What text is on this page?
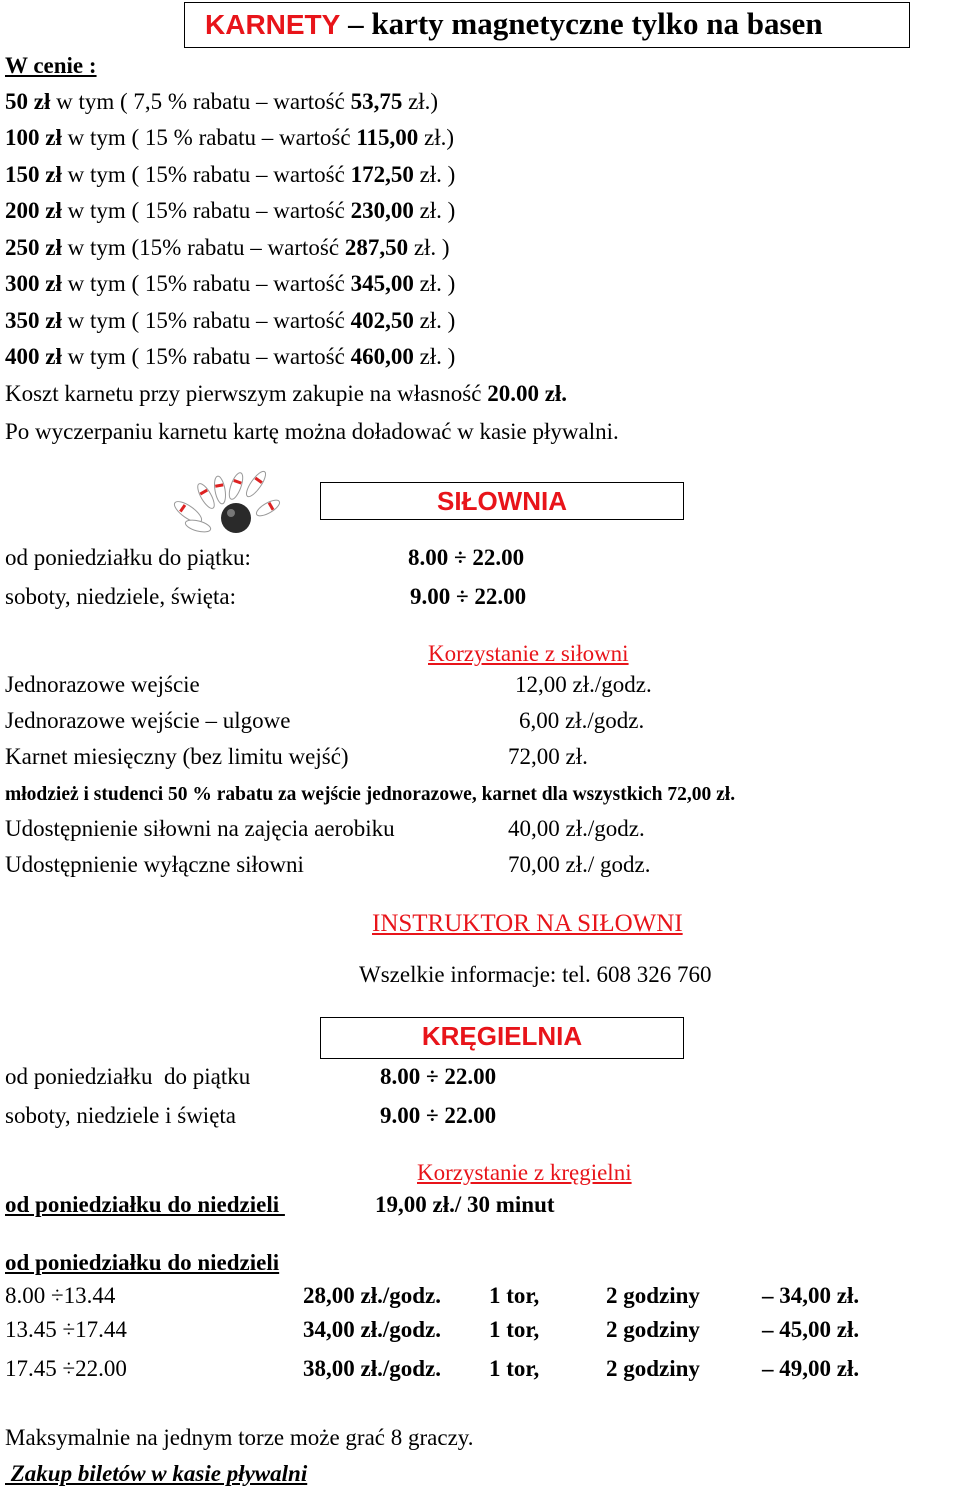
KARNETY – karty magnetyczne tylko na basen
W cenie :
50 zł w tym ( 7,5 % rabatu – wartość 53,75 zł.)
100 zł w tym ( 15 % rabatu – wartość 115,00 zł.)
150 zł w tym ( 15% rabatu – wartość 172,50 zł. )
200 zł w tym ( 15% rabatu – wartość 230,00 zł. )
250 zł w tym (15% rabatu – wartość 287,50 zł. )
300 zł w tym ( 15% rabatu – wartość 345,00 zł. )
350 zł w tym ( 15% rabatu – wartość 402,50 zł. )
400 zł w tym ( 15% rabatu – wartość 460,00 zł. )
Koszt karnetu przy pierwszym zakupie na własność 20.00 zł.
Po wyczerpaniu karnetu kartę można doładować w kasie pływalni.
SIŁOWNIA
od poniedziałku do piątku:	8.00 ÷ 22.00
soboty, niedziele, święta:	9.00 ÷ 22.00
Korzystanie z siłowni
Jednorazowe wejście	12,00 zł./godz.
Jednorazowe wejście – ulgowe	6,00 zł./godz.
Karnet miesięczny (bez limitu wejść)	72,00 zł.
młodzież i studenci 50 % rabatu za wejście jednorazowe, karnet dla wszystkich 72,00 zł.
Udostępnienie siłowni na zajęcia aerobiku	40,00 zł./godz.
Udostępnienie wyłączne siłowni	70,00 zł./ godz.
INSTRUKTOR NA SIŁOWNI
Wszelkie informacje: tel. 608 326 760
KRĘGIELNIA
od poniedziałku  do piątku	8.00 ÷ 22.00
soboty, niedziele i święta	9.00 ÷ 22.00
Korzystanie z kręgielni
od poniedziałku do niedzieli	19,00 zł./ 30 minut
od poniedziałku do niedzieli
8.00 ÷13.44	28,00 zł./godz. 1 tor,	2 godziny	– 34,00 zł.
13.45 ÷17.44	34,00 zł./godz. 1 tor,	2 godziny	– 45,00 zł.
17.45 ÷22.00	38,00 zł./godz. 1 tor,	2 godziny	– 49,00 zł.
Maksymalnie na jednym torze może grać 8 graczy.
Zakup biletów w kasie pływalni
